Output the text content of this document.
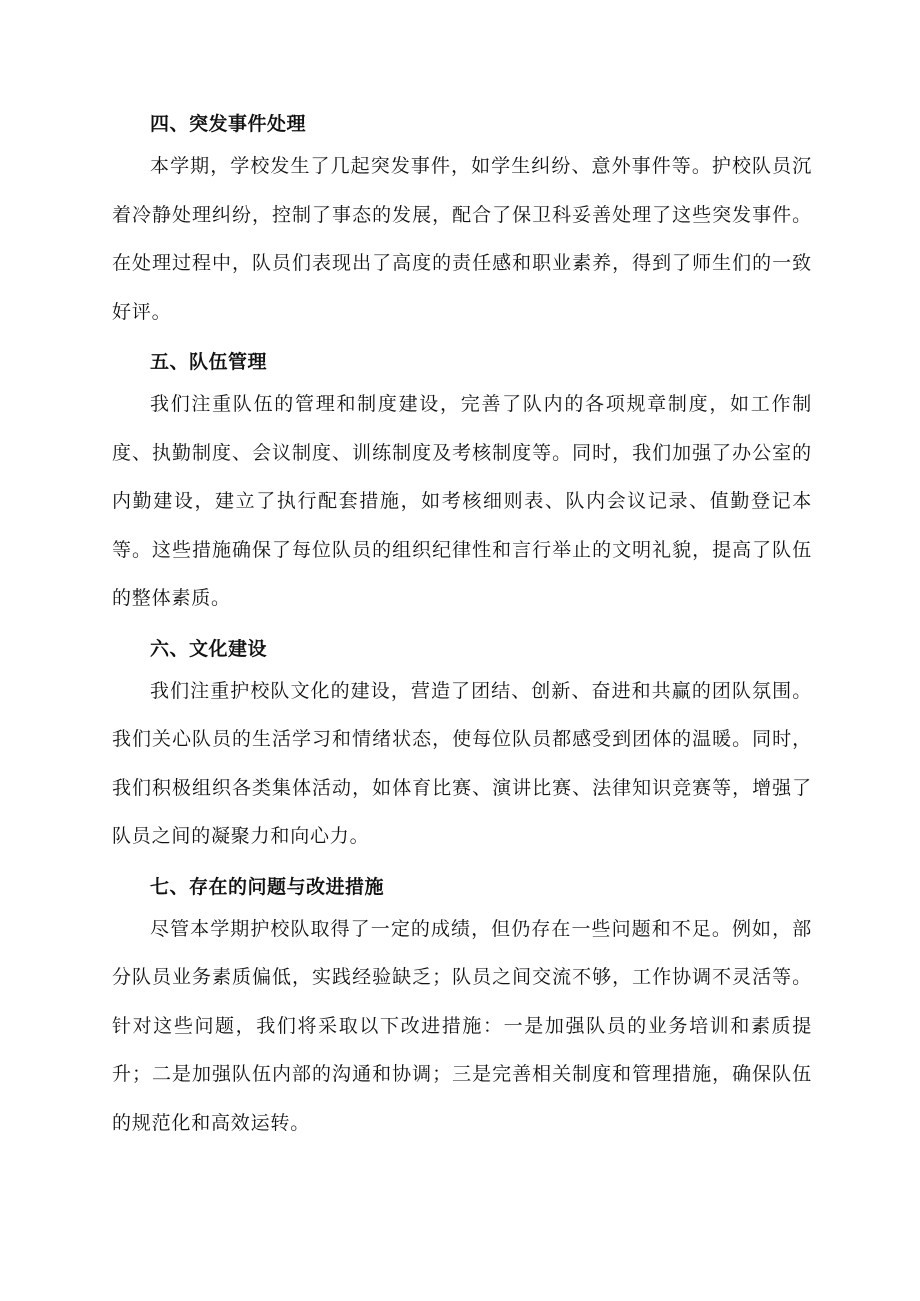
四、突发事件处理

本学期，学校发生了几起突发事件，如学生纠纷、意外事件等。护校队员沉着冷静处理纠纷，控制了事态的发展，配合了保卫科妥善处理了这些突发事件。在处理过程中，队员们表现出了高度的责任感和职业素养，得到了师生们的一致好评。

五、队伍管理

我们注重队伍的管理和制度建设，完善了队内的各项规章制度，如工作制度、执勤制度、会议制度、训练制度及考核制度等。同时，我们加强了办公室的内勤建设，建立了执行配套措施，如考核细则表、队内会议记录、值勤登记本等。这些措施确保了每位队员的组织纪律性和言行举止的文明礼貌，提高了队伍的整体素质。

六、文化建设

我们注重护校队文化的建设，营造了团结、创新、奋进和共赢的团队氛围。我们关心队员的生活学习和情绪状态，使每位队员都感受到团体的温暖。同时，我们积极组织各类集体活动，如体育比赛、演讲比赛、法律知识竞赛等，增强了队员之间的凝聚力和向心力。

七、存在的问题与改进措施

尽管本学期护校队取得了一定的成绩，但仍存在一些问题和不足。例如，部分队员业务素质偏低，实践经验缺乏；队员之间交流不够，工作协调不灵活等。针对这些问题，我们将采取以下改进措施：一是加强队员的业务培训和素质提升；二是加强队伍内部的沟通和协调；三是完善相关制度和管理措施，确保队伍的规范化和高效运转。
